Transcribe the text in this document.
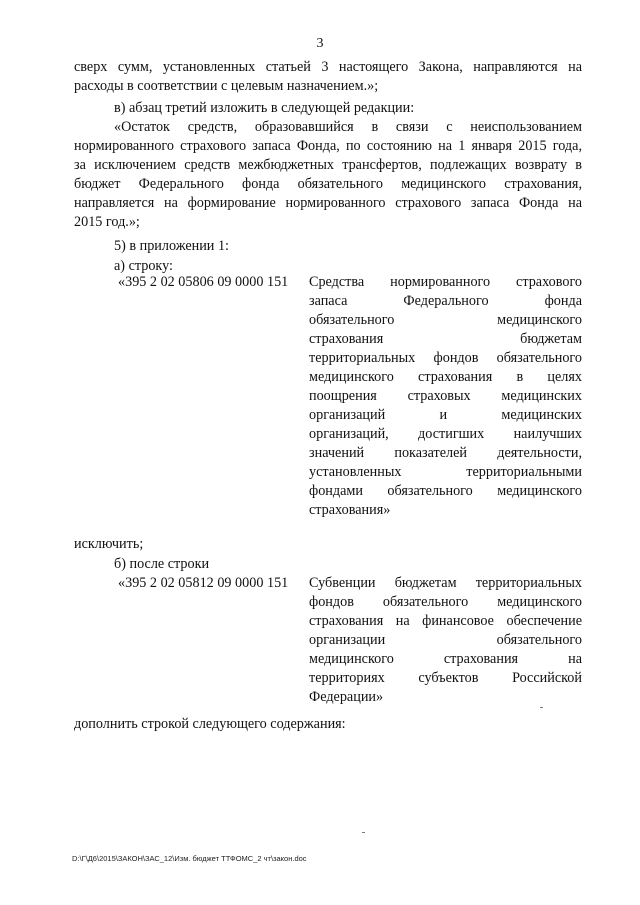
3
сверх сумм, установленных статьей 3 настоящего Закона, направляются на
расходы в соответствии с целевым назначением.»;
в) абзац третий изложить в следующей редакции:
«Остаток средств, образовавшийся в связи с неиспользованием
нормированного страхового запаса Фонда, по состоянию на 1 января 2015 года,
за исключением средств межбюджетных трансфертов, подлежащих возврату в
бюджет Федерального фонда обязательного медицинского страхования,
направляется на формирование нормированного страхового запаса Фонда на
2015 год.»;
5) в приложении 1:
а) строку:
«395 2 02 05806 09 0000 151 Средства нормированного страхового
запаса Федерального фонда
обязательного медицинского
страхования бюджетам
территориальных фондов обязательного
медицинского страхования в целях
поощрения страховых медицинских
организаций и медицинских
организаций, достигших наилучших
значений показателей деятельности,
установленных территориальными
фондами обязательного медицинского
страхования»
исключить;
б) после строки
«395 2 02 05812 09 0000 151 Субвенции бюджетам территориальных
фондов обязательного медицинского
страхования на финансовое обеспечение
организации обязательного
медицинского страхования на
территориях субъектов Российской
Федерации»
дополнить строкой следующего содержания:
D:\Г\Д6\2015\ЗАКОН\ЗАС_12\Изм. бюджет ТТФОМС_2 чт\закон.doc
